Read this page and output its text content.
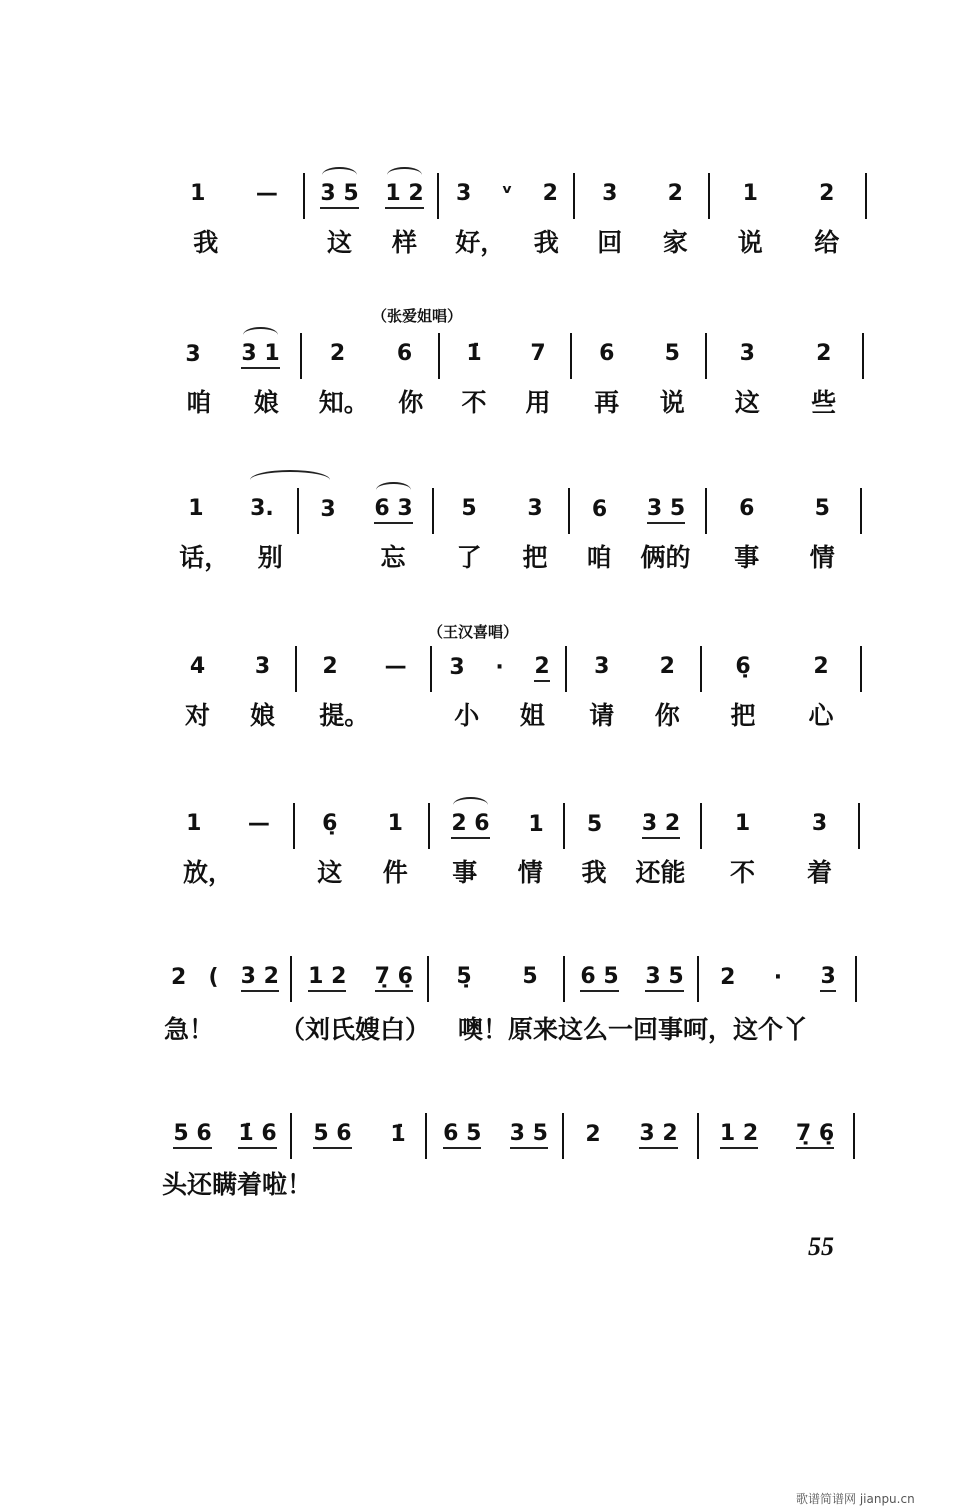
1 —
我
3 5 1 2
这 样
3 ᵛ 2
好， 我
3 2
回 家
1	2
说 给
3 3 1
咱 娘
2 6
知。 你
1̇ 7
不 用
6 5
再 说
3	2
这 些
1 3.
话， 别
3 6 3
忘
5 3
了 把
6 3 5
咱 俩的
6	5
事 情
4 3
对 娘
2 —
提。
3 · 2
小 姐
3 2
请 你
6̣	2
把 心
1 —
放，
6̣ 1
这 件
2 6 1
事 情
5 3 2
我 还能
1	3
不 着
2 ( 3 2 1 2 7̣ 6̣ 5̣ 5 6 5 3 5 2 · 3
5 6 1̇ 6 5 6 1̇ 6 5 3 5 2 3 2 1 2 7̣ 6̣
（张爱姐唱）
（王汉喜唱）
急！	（刘氏嫂白） 噢！原来这么一回事呵，这个丫
头还瞒着啦！
55
歌谱简谱网 jianpu.cn
